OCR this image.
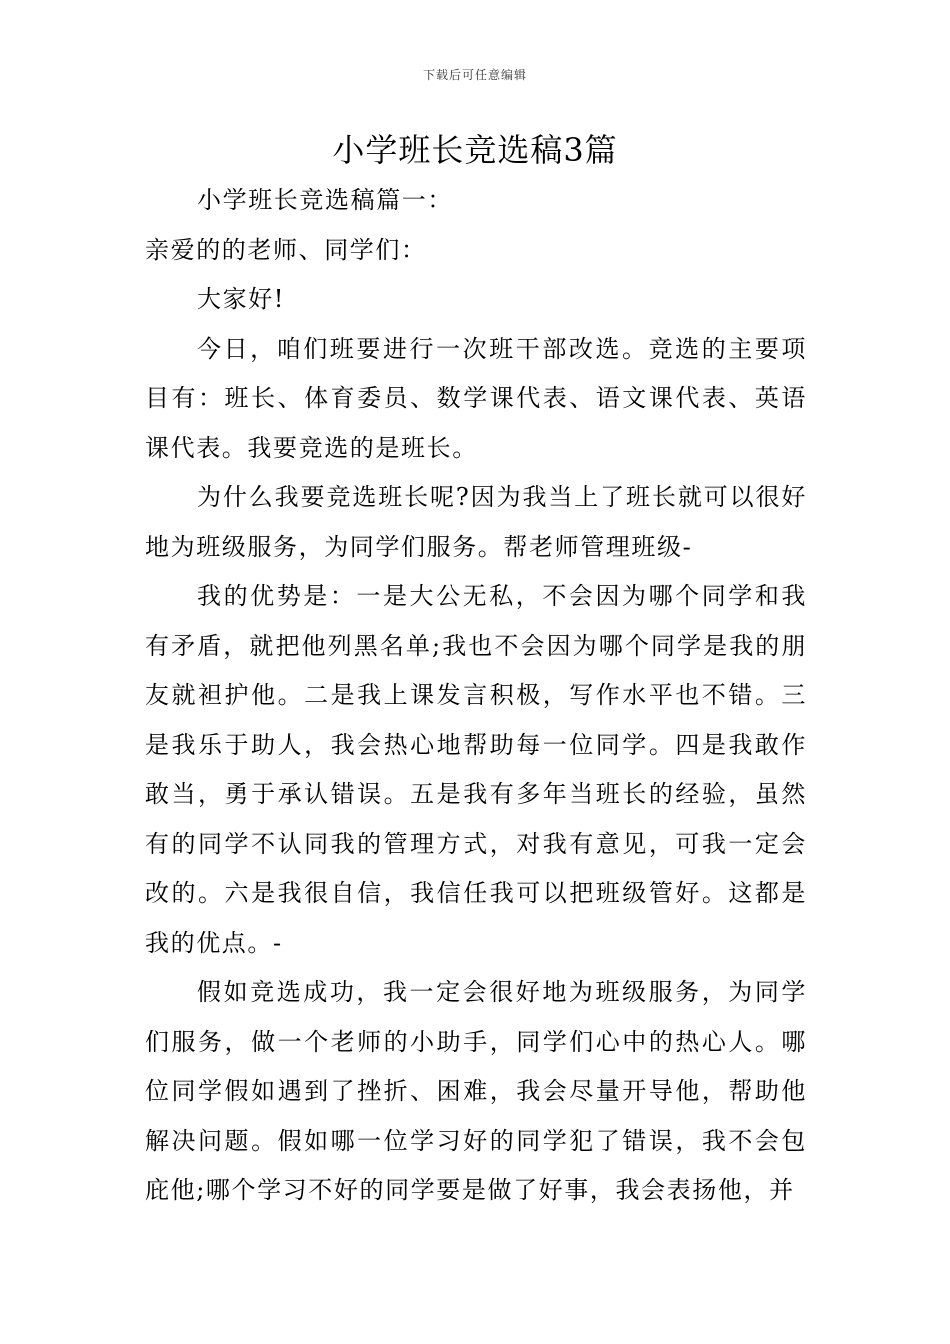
下载后可任意编辑
小学班长竞选稿3篇

小学班长竞选稿篇一：

亲爱的的老师、同学们：

大家好!

今日，咱们班要进行一次班干部改选。竞选的主要项目有：班长、体育委员、数学课代表、语文课代表、英语课代表。我要竞选的是班长。

为什么我要竞选班长呢?因为我当上了班长就可以很好地为班级服务，为同学们服务。帮老师管理班级-

我的优势是：一是大公无私，不会因为哪个同学和我有矛盾，就把他列黑名单;我也不会因为哪个同学是我的朋友就袒护他。二是我上课发言积极，写作水平也不错。三是我乐于助人，我会热心地帮助每一位同学。四是我敢作敢当，勇于承认错误。五是我有多年当班长的经验，虽然有的同学不认同我的管理方式，对我有意见，可我一定会改的。六是我很自信，我信任我可以把班级管好。这都是我的优点。-

假如竞选成功，我一定会很好地为班级服务，为同学们服务，做一个老师的小助手，同学们心中的热心人。哪位同学假如遇到了挫折、困难，我会尽量开导他，帮助他解决问题。假如哪一位学习好的同学犯了错误，我不会包庇他;哪个学习不好的同学要是做了好事，我会表扬他，并
